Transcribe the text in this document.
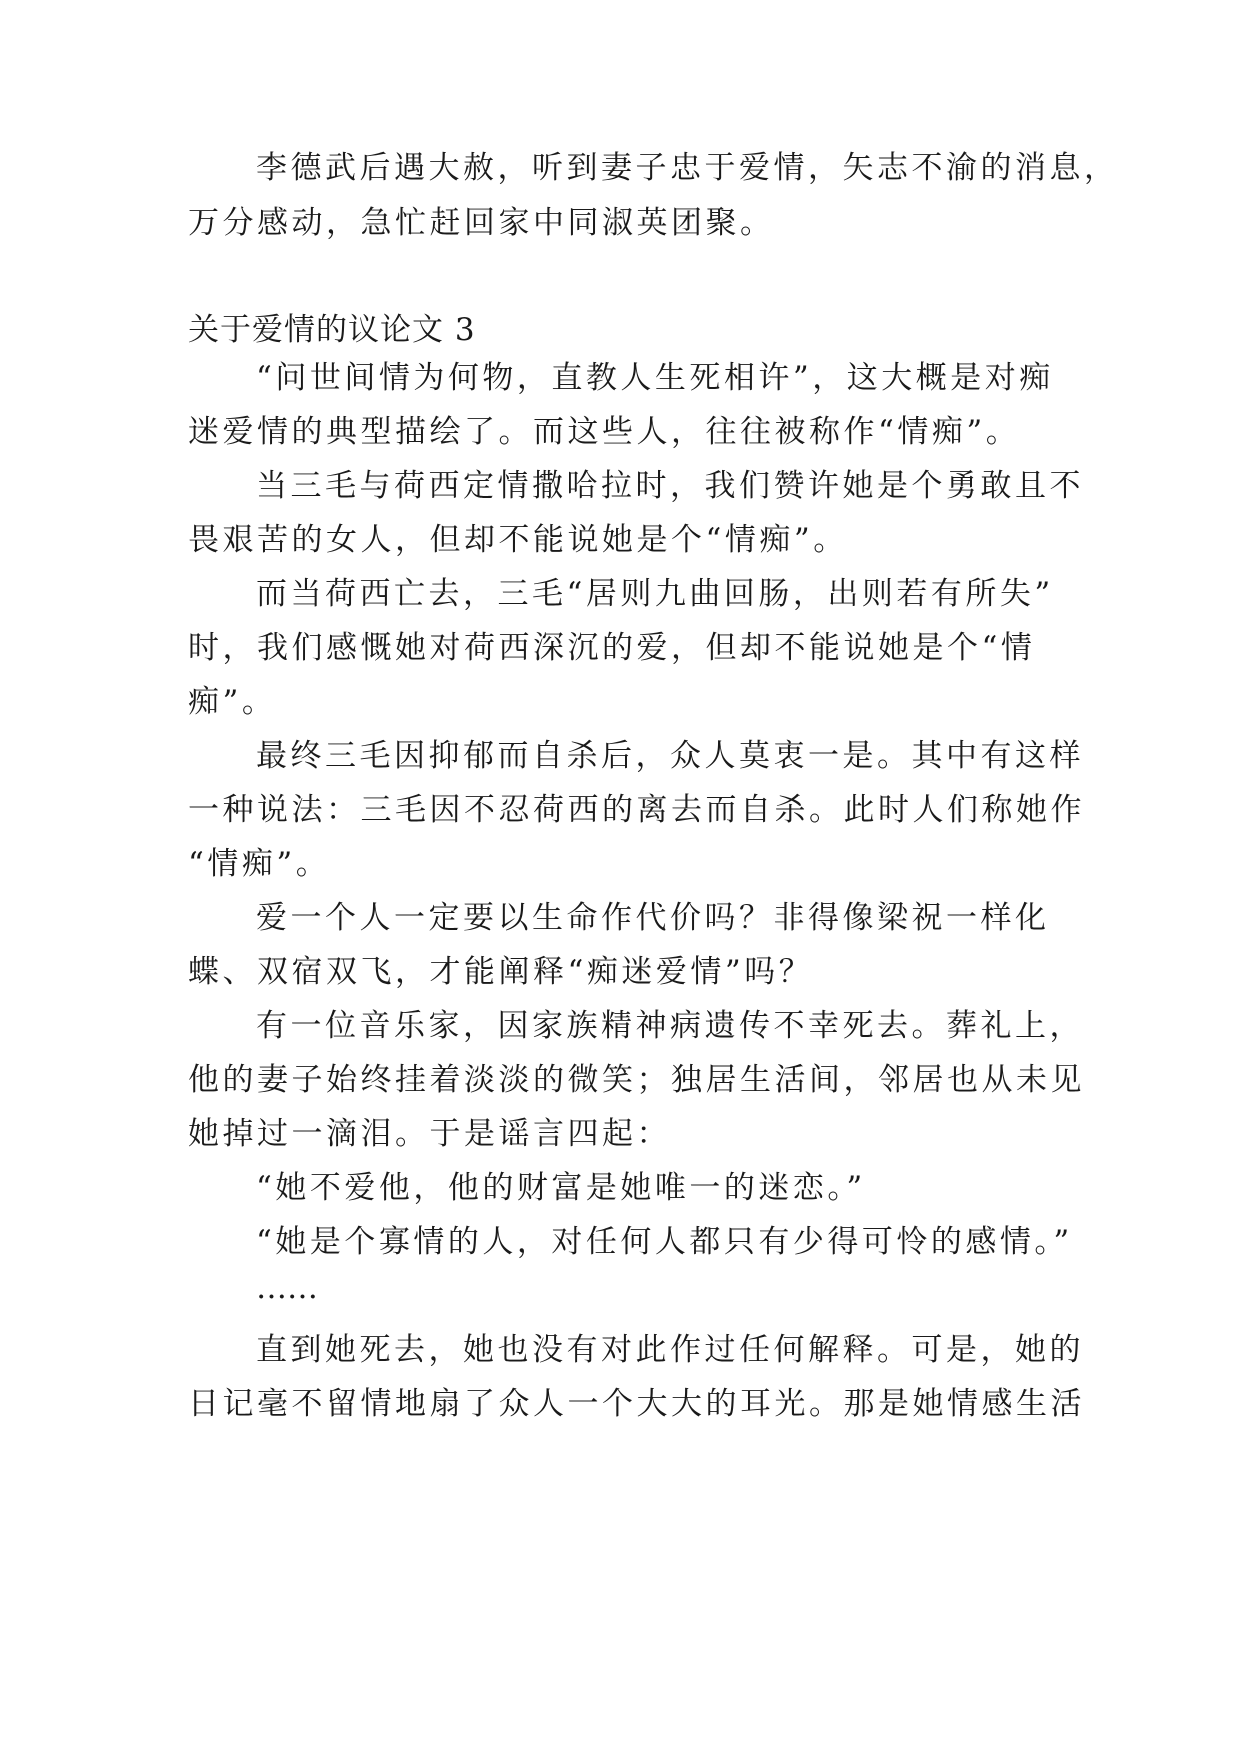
李德武后遇大赦，听到妻子忠于爱情，矢志不渝的消息，
万分感动，急忙赶回家中同淑英团聚。
关于爱情的议论文 3
“问世间情为何物，直教人生死相许”，这大概是对痴
迷爱情的典型描绘了。而这些人，往往被称作“情痴”。
当三毛与荷西定情撒哈拉时，我们赞许她是个勇敢且不
畏艰苦的女人，但却不能说她是个“情痴”。
而当荷西亡去，三毛“居则九曲回肠，出则若有所失”
时，我们感慨她对荷西深沉的爱，但却不能说她是个“情
痴”。
最终三毛因抑郁而自杀后，众人莫衷一是。其中有这样
一种说法：三毛因不忍荷西的离去而自杀。此时人们称她作
“情痴”。
爱一个人一定要以生命作代价吗？非得像梁祝一样化
蝶、双宿双飞，才能阐释“痴迷爱情”吗？
有一位音乐家，因家族精神病遗传不幸死去。葬礼上，
他的妻子始终挂着淡淡的微笑；独居生活间，邻居也从未见
她掉过一滴泪。于是谣言四起：
“她不爱他，他的财富是她唯一的迷恋。”
“她是个寡情的人，对任何人都只有少得可怜的感情。”
……
直到她死去，她也没有对此作过任何解释。可是，她的
日记毫不留情地扇了众人一个大大的耳光。那是她情感生活
